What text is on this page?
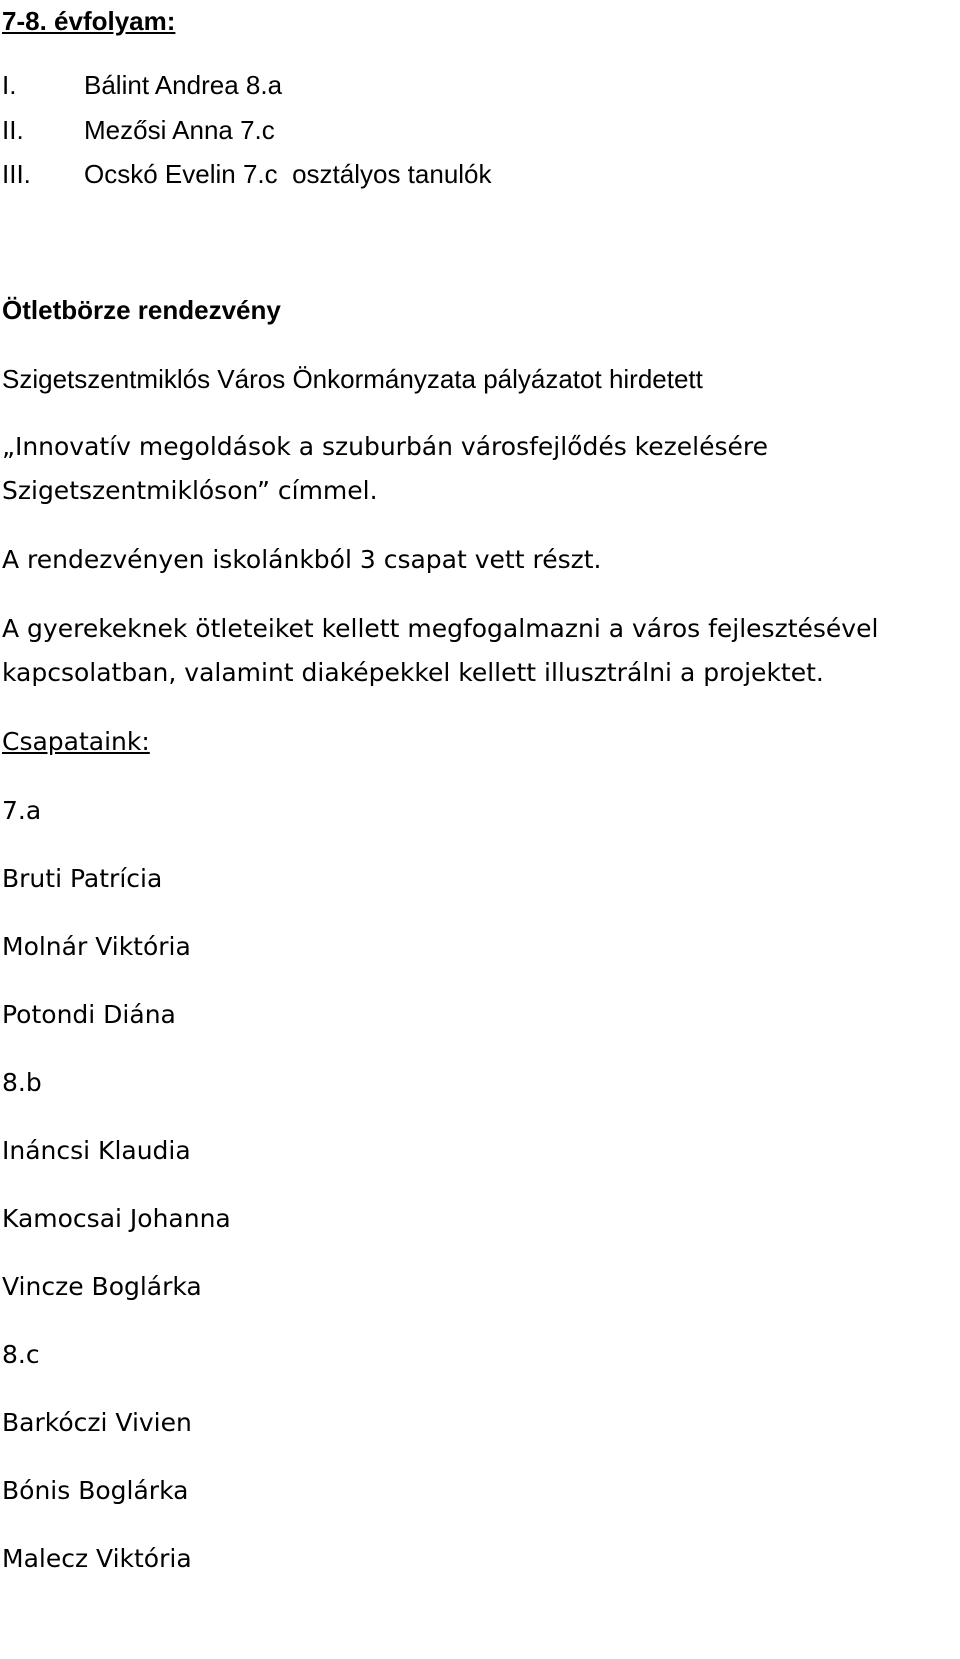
7-8. évfolyam:
I.	Bálint Andrea 8.a
II. Mezősi Anna 7.c
III. Ocskó Evelin 7.c  osztályos tanulók
Ötletbörze rendezvény
Szigetszentmiklós Város Önkormányzata pályázatot hirdetett
„Innovatív megoldások a szuburbán városfejlődés kezelésére
Szigetszentmiklóson” címmel.
A rendezvényen iskolánkból 3 csapat vett részt.
A gyerekeknek ötleteiket kellett megfogalmazni a város fejlesztésével
kapcsolatban, valamint diaképekkel kellett illusztrálni a projektet.
Csapataink:
7.a
Bruti Patrícia
Molnár Viktória
Potondi Diána
8.b
Ináncsi Klaudia
Kamocsai Johanna
Vincze Boglárka
8.c
Barkóczi Vivien
Bónis Boglárka
Malecz Viktória
